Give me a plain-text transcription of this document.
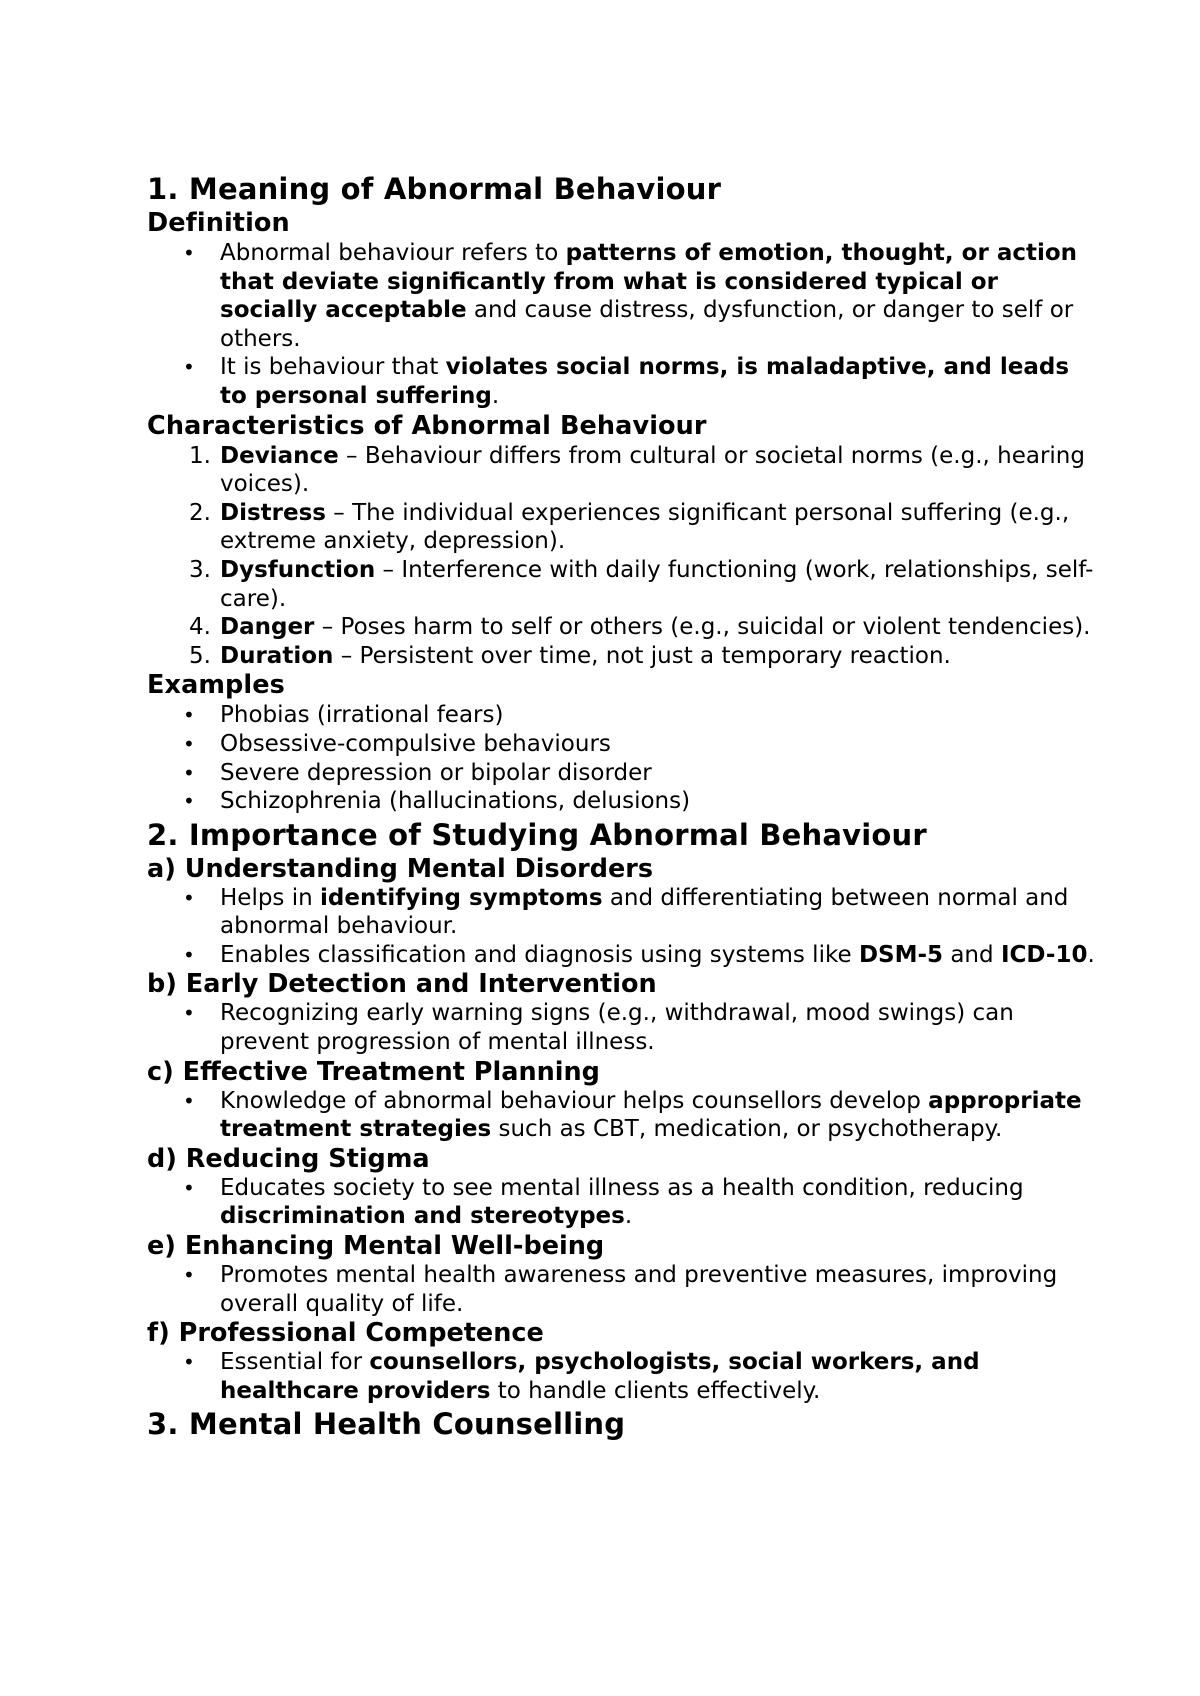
1. Meaning of Abnormal Behaviour
Definition
• Abnormal behaviour refers to patterns of emotion, thought, or action that deviate significantly from what is considered typical or socially acceptable and cause distress, dysfunction, or danger to self or others.
• It is behaviour that violates social norms, is maladaptive, and leads to personal suffering.
Characteristics of Abnormal Behaviour
1. Deviance – Behaviour differs from cultural or societal norms (e.g., hearing voices).
2. Distress – The individual experiences significant personal suffering (e.g., extreme anxiety, depression).
3. Dysfunction – Interference with daily functioning (work, relationships, self-care).
4. Danger – Poses harm to self or others (e.g., suicidal or violent tendencies).
5. Duration – Persistent over time, not just a temporary reaction.
Examples
• Phobias (irrational fears)
• Obsessive-compulsive behaviours
• Severe depression or bipolar disorder
• Schizophrenia (hallucinations, delusions)
2. Importance of Studying Abnormal Behaviour
a) Understanding Mental Disorders
• Helps in identifying symptoms and differentiating between normal and abnormal behaviour.
• Enables classification and diagnosis using systems like DSM-5 and ICD-10.
b) Early Detection and Intervention
• Recognizing early warning signs (e.g., withdrawal, mood swings) can prevent progression of mental illness.
c) Effective Treatment Planning
• Knowledge of abnormal behaviour helps counsellors develop appropriate treatment strategies such as CBT, medication, or psychotherapy.
d) Reducing Stigma
• Educates society to see mental illness as a health condition, reducing discrimination and stereotypes.
e) Enhancing Mental Well-being
• Promotes mental health awareness and preventive measures, improving overall quality of life.
f) Professional Competence
• Essential for counsellors, psychologists, social workers, and healthcare providers to handle clients effectively.
3. Mental Health Counselling
